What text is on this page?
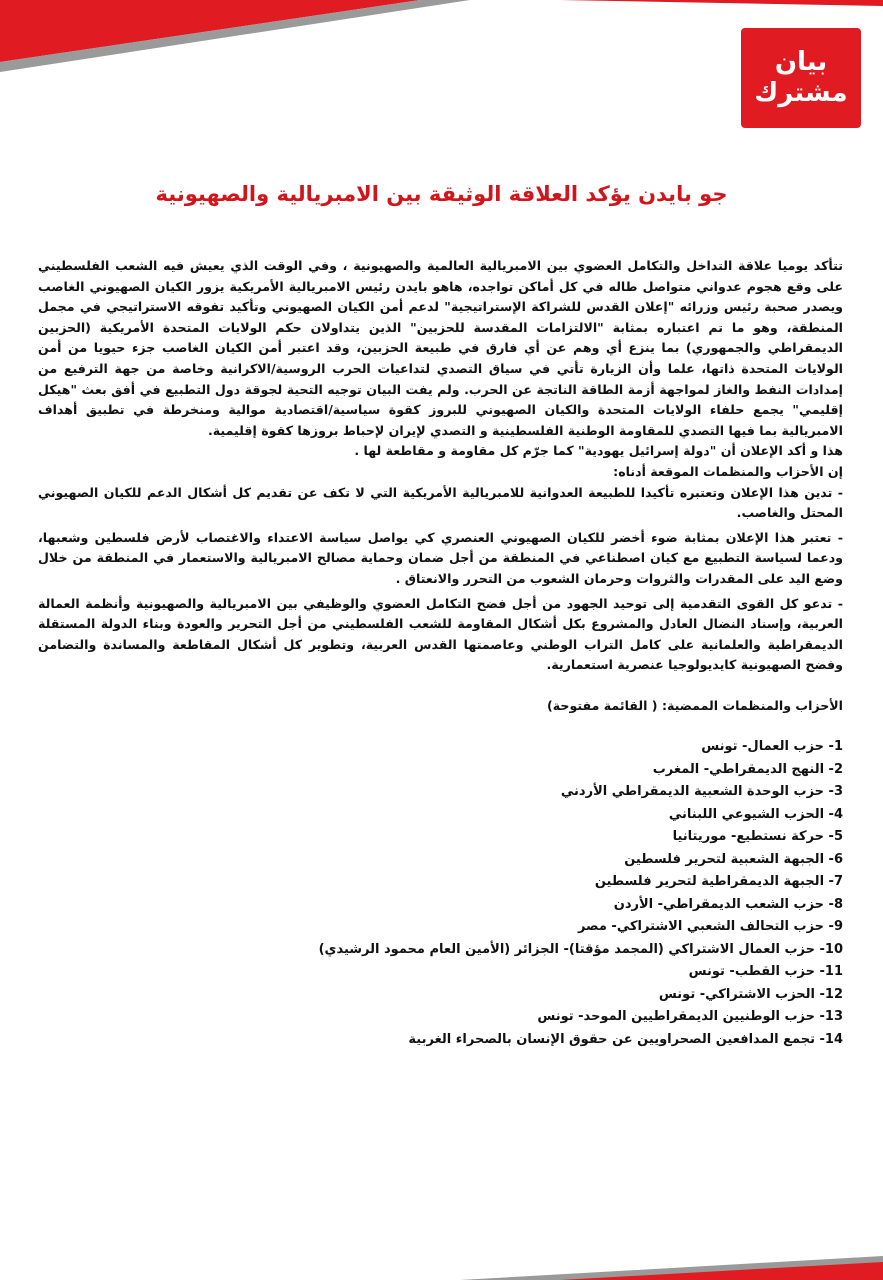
بيان
مشترك
جو بايدن يؤكد العلاقة الوثيقة بين الامبريالية والصهيونية

تتأكد يوميا علاقة التداخل والتكامل العضوي بين الامبريالية العالمية والصهيونية ، وفي الوقت الذي يعيش فيه الشعب الفلسطيني على وقع هجوم عدواني متواصل طاله في كل أماكن تواجده، هاهو بايدن رئيس الامبريالية الأمريكية يزور الكيان الصهيوني الغاصب ويصدر صحبة رئيس وزرائه "إعلان القدس للشراكة الإستراتيجية" لدعم أمن الكيان الصهيوني وتأكيد تفوقه الاستراتيجي في مجمل المنطقة، وهو ما تم اعتباره بمثابة "الالتزامات المقدسة للحزبين" الذين يتداولان حكم الولايات المتحدة الأمريكية (الحزبين الديمقراطي والجمهوري) بما ينزع أي وهم عن أي فارق في طبيعة الحزبين، وقد اعتبر أمن الكيان الغاصب جزء حيويا من أمن الولايات المتحدة ذاتها، علما وأن الزيارة تأتي في سياق التصدي لتداعيات الحرب الروسية/الاكرانية وخاصة من جهة الترفيع من إمدادات النفط والغاز لمواجهة أزمة الطاقة الناتجة عن الحرب. ولم يفت البيان توجيه التحية لجوقة دول التطبيع في أفق بعث "هيكل إقليمي" يجمع حلفاء الولايات المتحدة والكيان الصهيوني للبروز كقوة سياسية/اقتصادية موالية ومنخرطة في تطبيق أهداف الامبريالية بما فيها التصدي للمقاومة الوطنية الفلسطينية و التصدي لإيران لإحباط بروزها كقوة إقليمية.

هذا و أكد الإعلان أن "دولة إسرائيل يهودية" كما جرّم كل مقاومة و مقاطعة لها .

إن الأحزاب والمنظمات الموقعة أدناه:

- تدين هذا الإعلان وتعتبره تأكيدا للطبيعة العدوانية للامبريالية الأمريكية التي لا تكف عن تقديم كل أشكال الدعم للكيان الصهيوني المحتل والغاصب.

- تعتبر هذا الإعلان بمثابة ضوء أخضر للكيان الصهيوني العنصري كي يواصل سياسة الاعتداء والاغتصاب لأرض فلسطين وشعبها، ودعما لسياسة التطبيع مع كيان اصطناعي في المنطقة من أجل ضمان وحماية مصالح الامبريالية والاستعمار في المنطقة من خلال وضع اليد على المقدرات والثروات وحرمان الشعوب من التحرر والانعتاق .

- تدعو كل القوى التقدمية إلى توحيد الجهود من أجل فضح التكامل العضوي والوظيفي بين الامبريالية والصهيونية وأنظمة العمالة العربية، وإسناد النضال العادل والمشروع بكل أشكال المقاومة للشعب الفلسطيني من أجل التحرير والعودة وبناء الدولة المستقلة الديمقراطية والعلمانية على كامل التراب الوطني وعاصمتها القدس العربية، وتطوير كل أشكال المقاطعة والمساندة والتضامن وفضح الصهيونية كايديولوجيا عنصرية استعمارية.

الأحزاب والمنظمات الممضية: ( القائمة مفتوحة)

1- حزب العمال- تونس
2- النهج الديمقراطي- المغرب
3- حزب الوحدة الشعبية الديمقراطي الأردني
4- الحزب الشيوعي اللبناني
5- حركة نستطيع- موريتانيا
6- الجبهة الشعبية لتحرير فلسطين
7- الجبهة الديمقراطية لتحرير فلسطين
8- حزب الشعب الديمقراطي- الأردن
9- حزب التحالف الشعبي الاشتراكي- مصر
10- حزب العمال الاشتراكي (المجمد مؤقتا)- الجزائر (الأمين العام محمود الرشيدي)
11- حزب القطب- تونس
12- الحزب الاشتراكي- تونس
13- حزب الوطنيين الديمقراطيين الموحد- تونس
14- تجمع المدافعين الصحراويين عن حقوق الإنسان بالصحراء الغربية
